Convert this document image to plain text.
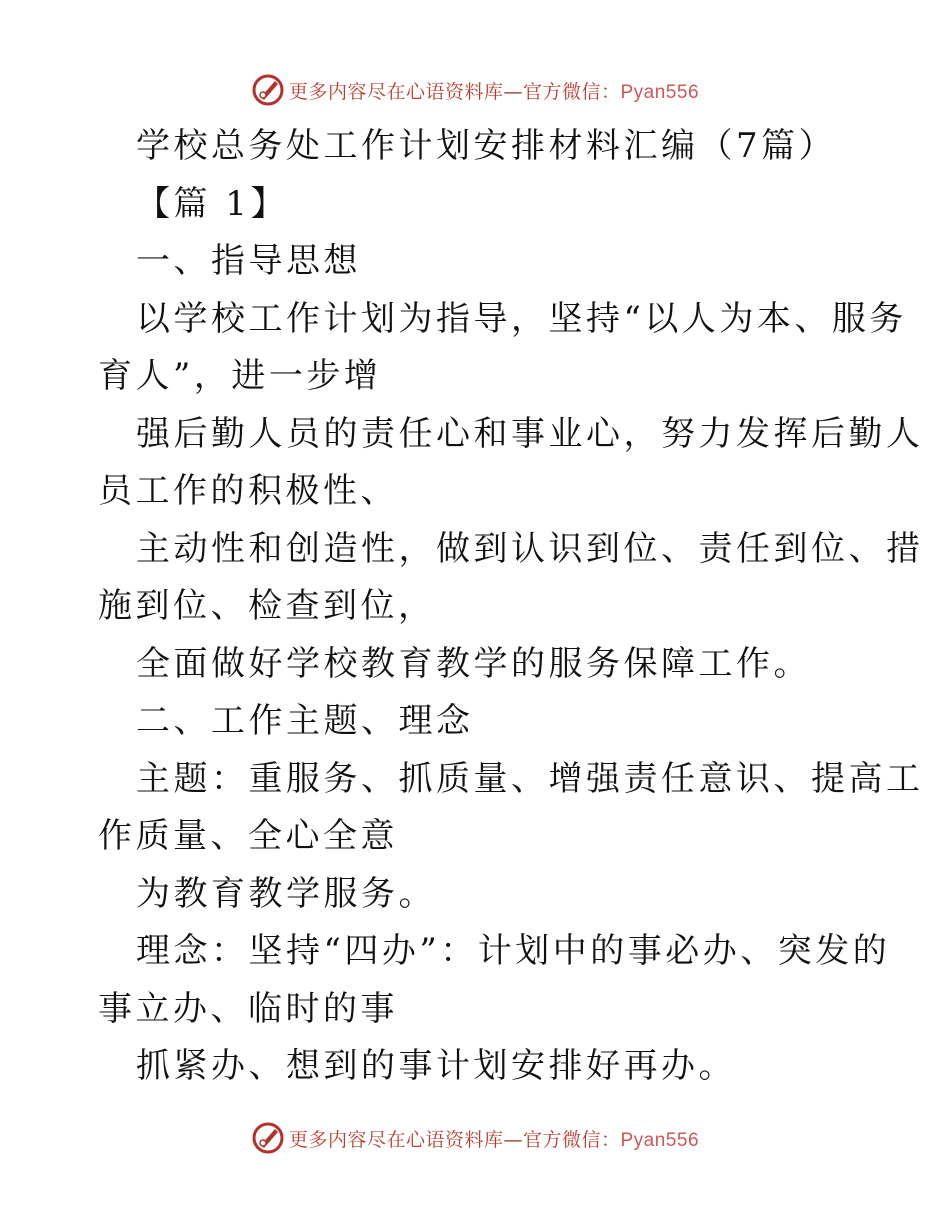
更多内容尽在心语资料库—官方微信：Pyan556
学校总务处工作计划安排材料汇编（7篇）
【篇 1】
一、指导思想
以学校工作计划为指导，坚持“以人为本、服务
育人”，进一步增
强后勤人员的责任心和事业心，努力发挥后勤人
员工作的积极性、
主动性和创造性，做到认识到位、责任到位、措
施到位、检查到位，
全面做好学校教育教学的服务保障工作。
二、工作主题、理念
主题：重服务、抓质量、增强责任意识、提高工
作质量、全心全意
为教育教学服务。
理念：坚持“四办”：计划中的事必办、突发的
事立办、临时的事
抓紧办、想到的事计划安排好再办。
更多内容尽在心语资料库—官方微信：Pyan556
